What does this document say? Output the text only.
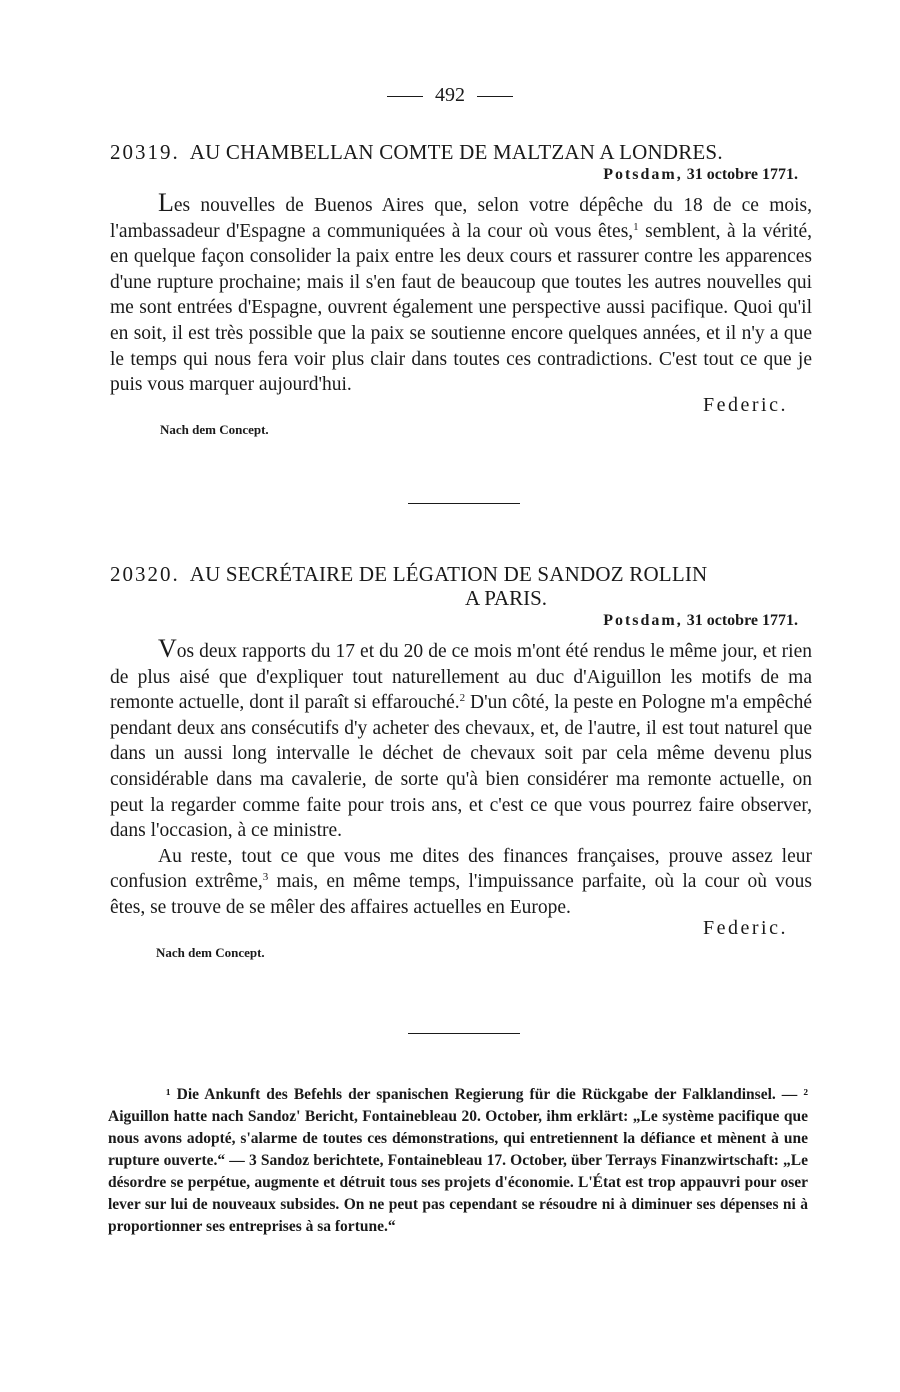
492
20319. AU CHAMBELLAN COMTE DE MALTZAN A LONDRES.
Potsdam, 31 octobre 1771.

Les nouvelles de Buenos Aires que, selon votre dépêche du 18 de ce mois, l'ambassadeur d'Espagne a communiquées à la cour où vous êtes,$^1$ semblent, à la vérité, en quelque façon consolider la paix entre les deux cours et rassurer contre les apparences d'une rupture prochaine; mais il s'en faut de beaucoup que toutes les autres nouvelles qui me sont entrées d'Espagne, ouvrent également une perspective aussi pacifique. Quoi qu'il en soit, il est très possible que la paix se soutienne encore quelques années, et il n'y a que le temps qui nous fera voir plus clair dans toutes ces contradictions. C'est tout ce que je puis vous marquer aujourd'hui.

Federic.
Nach dem Concept.
20320. AU SECRÉTAIRE DE LÉGATION DE SANDOZ ROLLIN
A PARIS.
Potsdam, 31 octobre 1771.

Vos deux rapports du 17 et du 20 de ce mois m'ont été rendus le même jour, et rien de plus aisé que d'expliquer tout naturellement au duc d'Aiguillon les motifs de ma remonte actuelle, dont il paraît si effarouché.$^2$ D'un côté, la peste en Pologne m'a empêché pendant deux ans consécutifs d'y acheter des chevaux, et, de l'autre, il est tout naturel que dans un aussi long intervalle le déchet de chevaux soit par cela même devenu plus considérable dans ma cavalerie, de sorte qu'à bien considérer ma remonte actuelle, on peut la regarder comme faite pour trois ans, et c'est ce que vous pourrez faire observer, dans l'occasion, à ce ministre.

Au reste, tout ce que vous me dites des finances françaises, prouve assez leur confusion extrême,$^3$ mais, en même temps, l'impuissance parfaite, où la cour où vous êtes, se trouve de se mêler des affaires actuelles en Europe.

Federic.
Nach dem Concept.

¹ Die Ankunft des Befehls der spanischen Regierung für die Rückgabe der Falklandinsel. — ² Aiguillon hatte nach Sandoz' Bericht, Fontainebleau 20. October, ihm erklärt: „Le système pacifique que nous avons adopté, s'alarme de toutes ces démonstrations, qui entretiennent la défiance et mènent à une rupture ouverte.“ — 3 Sandoz berichtete, Fontainebleau 17. October, über Terrays Finanzwirtschaft: „Le désordre se perpétue, augmente et détruit tous ses projets d'économie. L'État est trop appauvri pour oser lever sur lui de nouveaux subsides. On ne peut pas cependant se résoudre ni à diminuer ses dépenses ni à proportionner ses entreprises à sa fortune.“
